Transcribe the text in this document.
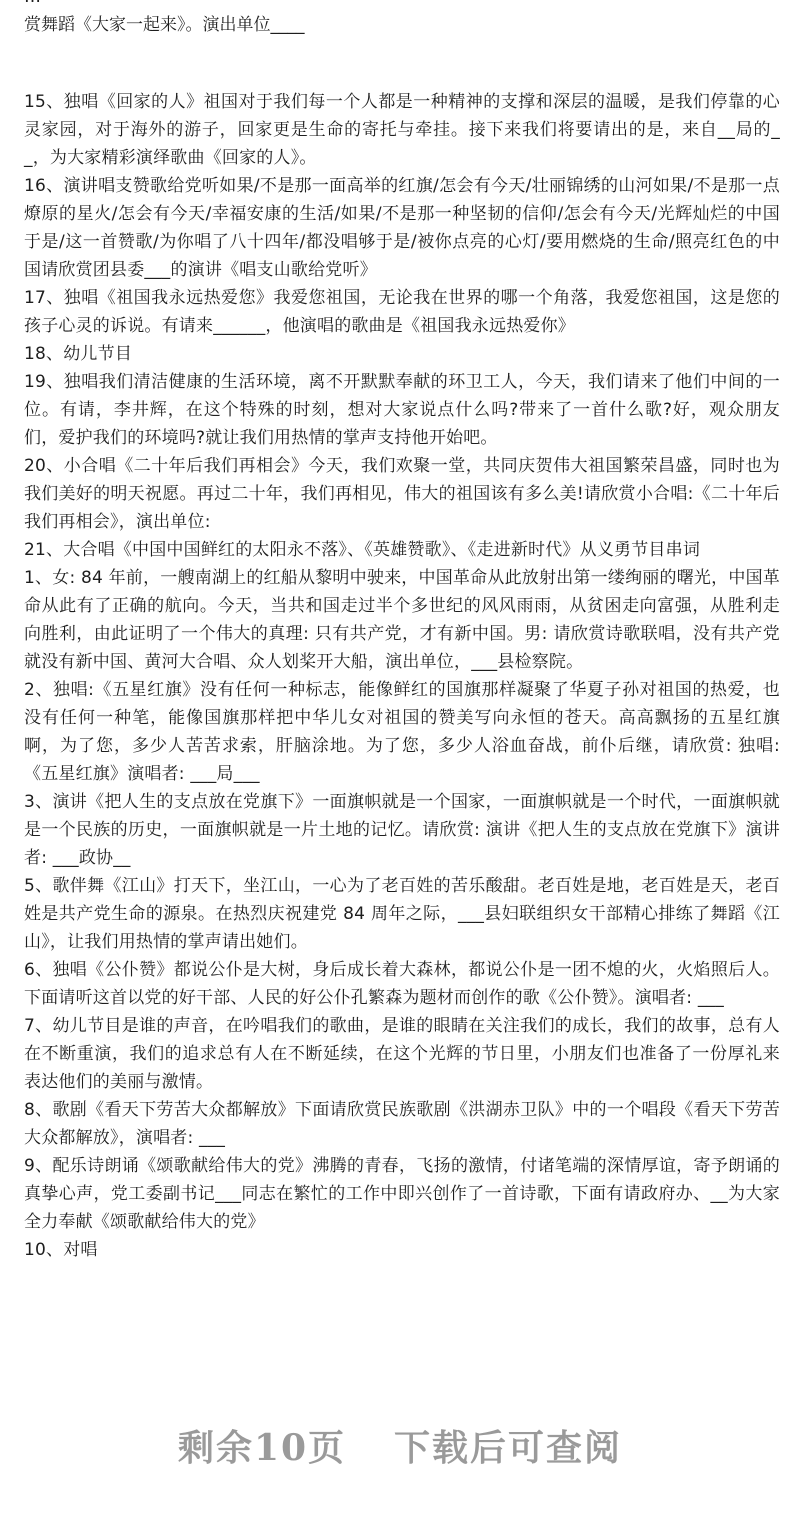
赏舞蹈《大家一起来》。演出单位____

15、独唱《回家的人》祖国对于我们每一个人都是一种精神的支撑和深层的温暖，是我们停靠的心灵家园，对于海外的游子，回家更是生命的寄托与牵挂。接下来我们将要请出的是，来自__局的__，为大家精彩演绎歌曲《回家的人》。

16、演讲唱支赞歌给党听如果/不是那一面高举的红旗/怎会有今天/壮丽锦绣的山河如果/不是那一点燎原的星火/怎会有今天/幸福安康的生活/如果/不是那一种坚韧的信仰/怎会有今天/光辉灿烂的中国于是/这一首赞歌/为你唱了八十四年/都没唱够于是/被你点亮的心灯/要用燃烧的生命/照亮红色的中国请欣赏团县委___的演讲《唱支山歌给党听》

17、独唱《祖国我永远热爱您》我爱您祖国，无论我在世界的哪一个角落，我爱您祖国，这是您的孩子心灵的诉说。有请来______，他演唱的歌曲是《祖国我永远热爱你》

18、幼儿节目

19、独唱我们清洁健康的生活环境，离不开默默奉献的环卫工人，今天，我们请来了他们中间的一位。有请，李井辉，在这个特殊的时刻，想对大家说点什么吗?带来了一首什么歌?好，观众朋友们，爱护我们的环境吗?就让我们用热情的掌声支持他开始吧。

20、小合唱《二十年后我们再相会》今天，我们欢聚一堂，共同庆贺伟大祖国繁荣昌盛，同时也为我们美好的明天祝愿。再过二十年，我们再相见，伟大的祖国该有多么美!请欣赏小合唱:《二十年后我们再相会》，演出单位:

21、大合唱《中国中国鲜红的太阳永不落》、《英雄赞歌》、《走进新时代》从义勇节目串词

1、女: 84 年前，一艘南湖上的红船从黎明中驶来，中国革命从此放射出第一缕绚丽的曙光，中国革命从此有了正确的航向。今天，当共和国走过半个多世纪的风风雨雨，从贫困走向富强，从胜利走向胜利，由此证明了一个伟大的真理: 只有共产党，才有新中国。男: 请欣赏诗歌联唱，没有共产党就没有新中国、黄河大合唱、众人划桨开大船，演出单位，___县检察院。

2、独唱:《五星红旗》没有任何一种标志，能像鲜红的国旗那样凝聚了华夏子孙对祖国的热爱，也没有任何一种笔，能像国旗那样把中华儿女对祖国的赞美写向永恒的苍天。高高飘扬的五星红旗啊，为了您，多少人苦苦求索，肝脑涂地。为了您，多少人浴血奋战，前仆后继，请欣赏: 独唱:《五星红旗》演唱者: ___局___

3、演讲《把人生的支点放在党旗下》一面旗帜就是一个国家，一面旗帜就是一个时代，一面旗帜就是一个民族的历史，一面旗帜就是一片土地的记忆。请欣赏: 演讲《把人生的支点放在党旗下》演讲者: ___政协__

5、歌伴舞《江山》打天下，坐江山，一心为了老百姓的苦乐酸甜。老百姓是地，老百姓是天，老百姓是共产党生命的源泉。在热烈庆祝建党 84 周年之际，___县妇联组织女干部精心排练了舞蹈《江山》，让我们用热情的掌声请出她们。

6、独唱《公仆赞》都说公仆是大树，身后成长着大森林，都说公仆是一团不熄的火，火焰照后人。下面请听这首以党的好干部、人民的好公仆孔繁森为题材而创作的歌《公仆赞》。演唱者: ___

7、幼儿节目是谁的声音，在吟唱我们的歌曲，是谁的眼睛在关注我们的成长，我们的故事，总有人在不断重演，我们的追求总有人在不断延续，在这个光辉的节日里，小朋友们也准备了一份厚礼来表达他们的美丽与激情。

8、歌剧《看天下劳苦大众都解放》下面请欣赏民族歌剧《洪湖赤卫队》中的一个唱段《看天下劳苦大众都解放》，演唱者: ___

9、配乐诗朗诵《颂歌献给伟大的党》沸腾的青春，飞扬的激情，付诸笔端的深情厚谊，寄予朗诵的真挚心声，党工委副书记___同志在繁忙的工作中即兴创作了一首诗歌，下面有请政府办、__为大家全力奉献《颂歌献给伟大的党》

10、对唱

剩余10页 下载后可查阅
